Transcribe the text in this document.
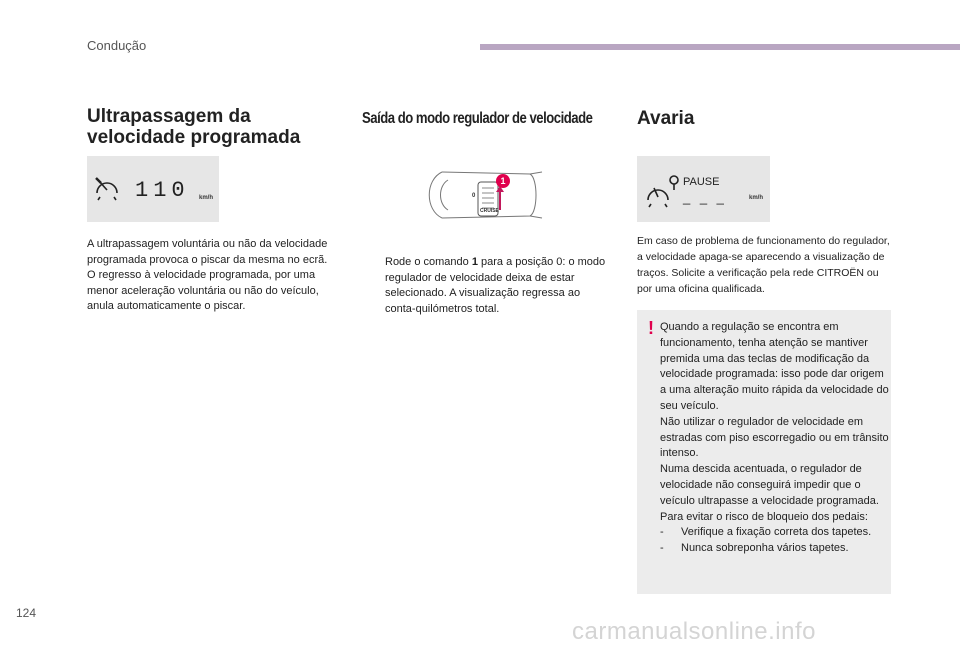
Condução
Ultrapassagem da velocidade programada
110 km/h

A ultrapassagem voluntária ou não da velocidade programada provoca o piscar da mesma no ecrã.

O regresso à velocidade programada, por uma menor aceleração voluntária ou não do veículo, anula automaticamente o piscar.

Saída do modo regulador de velocidade
1
0
CRUISE
Rode o comando 1 para a posição 0: o modo regulador de velocidade deixa de estar selecionado. A visualização regressa ao conta-quilómetros total.
Avaria
PAUSE
_ _ _	km/h
Em caso de problema de funcionamento do regulador, a velocidade apaga-se aparecendo a visualização de traços. Solicite a verificação pela rede CITROËN ou por uma oficina qualificada.
! Quando a regulação se encontra em funcionamento, tenha atenção se mantiver premida uma das teclas de modificação da velocidade programada: isso pode dar origem a uma alteração muito rápida da velocidade do seu veículo.

Não utilizar o regulador de velocidade em estradas com piso escorregadio ou em trânsito intenso.

Numa descida acentuada, o regulador de velocidade não conseguirá impedir que o veículo ultrapasse a velocidade programada.

Para evitar o risco de bloqueio dos pedais:

-	Verifique a fixação correta dos tapetes.
-	Nunca sobreponha vários tapetes.
124
carmanualsonline.info
